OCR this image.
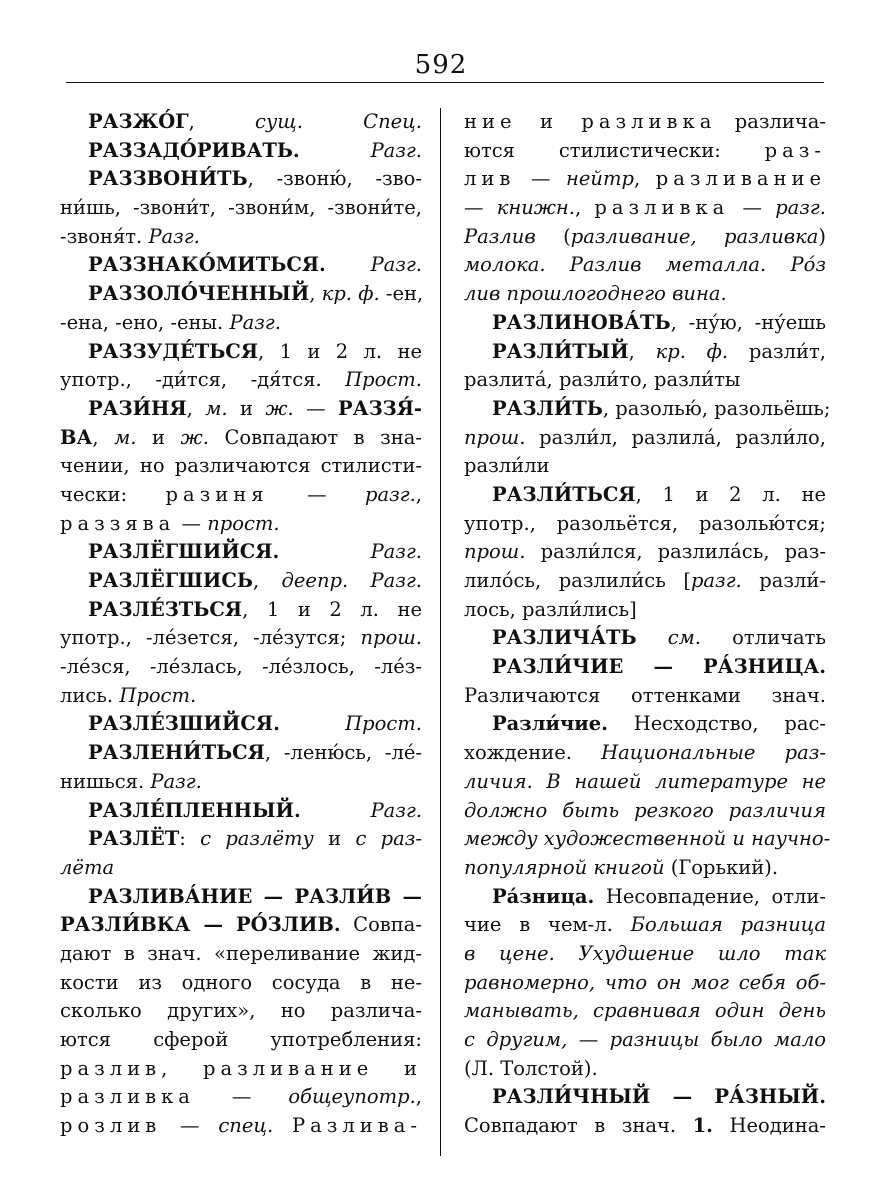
592
РАЗЖО́Г, сущ. Спец.
РАЗЗАДО́РИВАТЬ.	Разг.
РАЗЗВОНИ́ТЬ, -звоню́, -зво-
ни́шь, -звони́т, -звони́м, -звони́те,
-звоня́т. Разг.
РАЗЗНАКО́МИТЬСЯ. Разг.
РАЗЗОЛО́ЧЕННЫЙ, кр. ф. -ен,
-ена, -ено, -ены. Разг.
РАЗЗУДЕ́ТЬСЯ, 1 и 2 л. не
употр., -ди́тся, -дя́тся. Прост.
РАЗИ́НЯ, м. и ж. — РАЗЗЯ́-
ВА, м. и ж. Совпадают в зна-
чении, но различаются стилисти-
чески: разиня — разг.,
раззява — прост.
РАЗЛЁГШИЙСЯ.	Разг.
РАЗЛЁГШИСЬ, деепр. Разг.
РАЗЛЕ́ЗТЬСЯ, 1 и 2 л. не
употр., -ле́зется, -ле́зутся; прош.
-ле́зся, -ле́злась, -ле́злось, -ле́з-
лись. Прост.
РАЗЛЕ́ЗШИЙСЯ.	Прост.
РАЗЛЕНИ́ТЬСЯ, -леню́сь, -ле́-
нишься. Разг.
РАЗЛЕ́ПЛЕННЫЙ.	Разг.
РАЗЛЁТ: с разлёту и с раз-
лёта
РАЗЛИВА́НИЕ — РАЗЛИ́В —
РАЗЛИ́ВКА — РО́ЗЛИВ. Совпа-
дают в знач. «переливание жид-
кости из одного сосуда в не-
сколько других», но различа-
ются сферой употребления:
разлив, разливание и
разливка — общеупотр.,
розлив — спец. Разлива-
ние и разливка различа-
ются стилистически: раз-
лив — нейтр, разливание
— книжн., разливка — разг.
Разлив (разливание, разливка)
молока. Разлив металла. Ро́з
лив прошлогоднего вина.
РАЗЛИНОВА́ТЬ, -ну́ю, -ну́ешь
РАЗЛИ́ТЫЙ, кр. ф. разли́т,
разлита́, разли́то, разли́ты
РАЗЛИ́ТЬ, разолью́, разольёшь;
прош. разли́л, разлила́, разли́ло,
разли́ли
РАЗЛИ́ТЬСЯ, 1 и 2 л. не
употр., разольётся, разолью́тся;
прош. разли́лся, разлила́сь, раз-
лило́сь, разлили́сь [разг. разли́-
лось, разли́лись]
РАЗЛИЧА́ТЬ см. отличать
РАЗЛИ́ЧИЕ — РА́ЗНИЦА.
Различаются оттенками знач.
Разли́чие. Несходство, рас-
хождение. Национальные раз-
личия. В нашей литературе не
должно быть резкого различия
между художественной и научно-
популярной книгой (Горький).
Ра́зница. Несовпадение, отли-
чие в чем-л. Большая разница
в цене. Ухудшение шло так
равномерно, что он мог себя об-
манывать, сравнивая один день
с другим, — разницы было мало
(Л. Толстой).
РАЗЛИ́ЧНЫЙ — РА́ЗНЫЙ.
Совпадают в знач. 1. Неодина-
